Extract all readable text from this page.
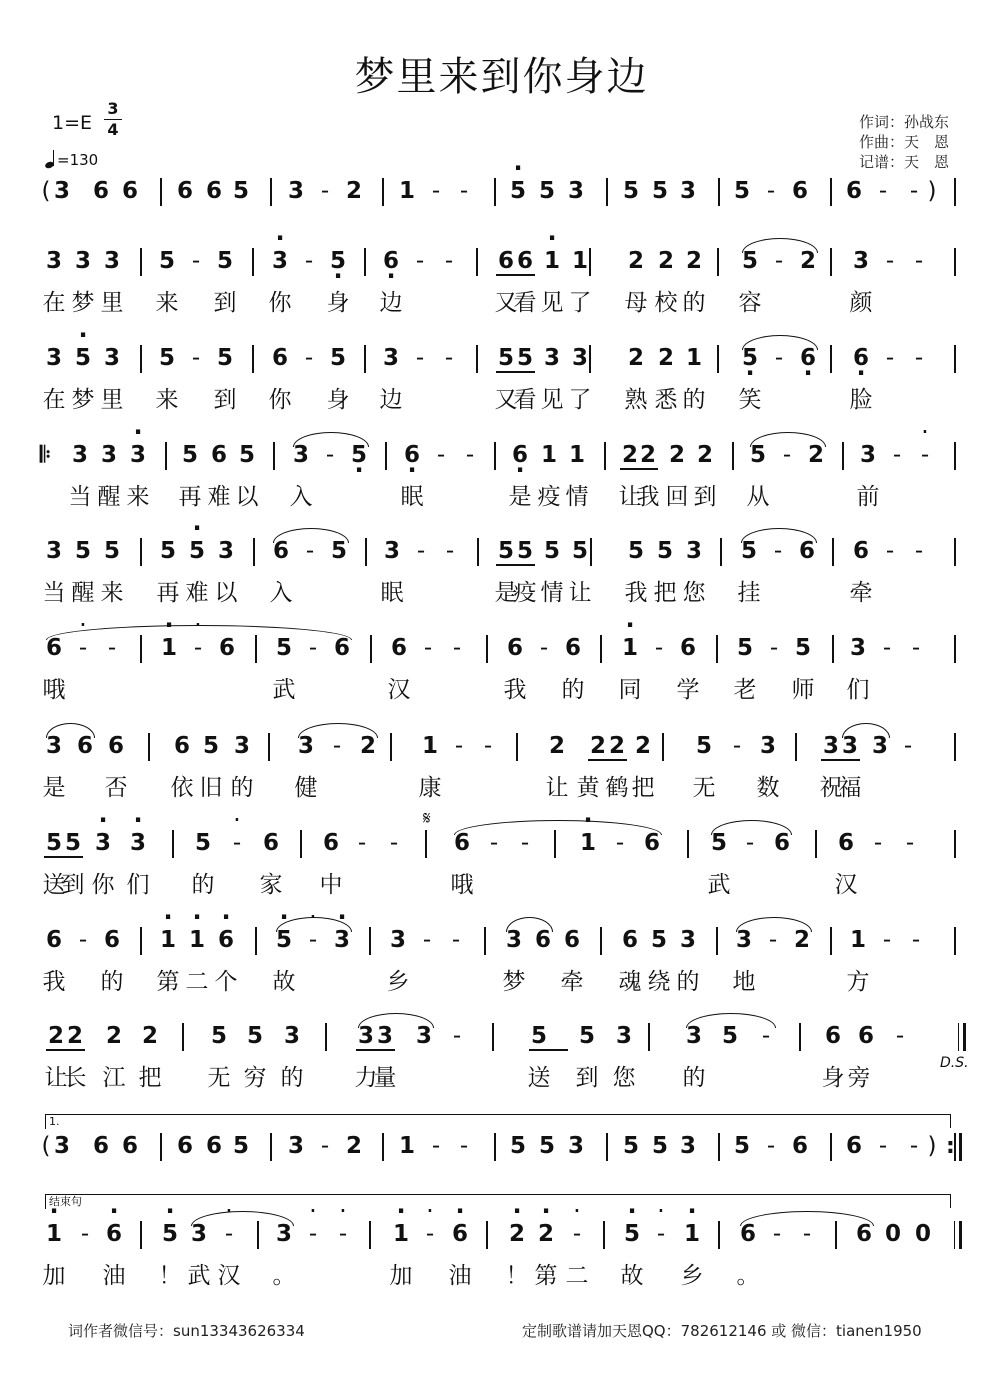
梦里来到你身边
1=E
3
4
=130
作词：孙战东
作曲：天　恩
记谱：天　恩
( 3 6 6 6 6 5 3 - 2 1 - - · 5 5 3 5 5 3 5 - 6 6 - - )
3 3 3 5 - 5 · 3 - 5 · 6 · - - 6 6 · 1 1 2 2 2 5 - 2 3 - -
在 梦 里 来 到 你 身 边	又
看 见 了 母 校 的 容	颜
3 · 5 3 5 - 5 6 - 5 3 - - 5 5 3 3 2 2 1 5 · - 6 · 6 · - -
在 梦 里 来 到 你 身 边	又
看 见 了 熟 悉 的 笑	脸
3 3 · 3 5 6 5 3 - 5 · 6 · - - 6 · 1 1 2 2 2 2 5 - 2 3 - · -
𝄆
当 醒 来 再 难 以 入	眠	是 疫 情 让
我 回 到 从	前
3 5 5 5 · 5 3 6 - 5 3 - - 5 5 5 5 5 5 3 5 - 6 6 - -
当 醒 来 再 难 以 入	眠	是
疫 情 让 我 把 您 挂	牵
6 · - - · 1 · - 6 5 - 6 6 - - 6 - 6 · 1 - 6 5 - 5 3 - -
哦	武	汉	我 的 同 学 老 师 们
3 6 6 6 5 3 3 - 2 1 - - 2 2 2 2 5 - 3 3 3 3 -
是 否 依 旧 的 健	康	让 黄 鹤 把 无 数 祝
福
5 5 · 3 · 3 5 · - 6 6 - - 6 - - · 1 - 6 5 - 6 6 - -
送
到 你 们 的 家 中	哦	武	汉
6 - 6 · 1 · 1 · 6 · 5 · - · 3 3 - - 3 6 6 6 5 3 3 - 2 1 - -
我 的 第 二 个 故	乡	梦 牵 魂 绕 的 地	方
2 2 2 2 5 5 3	3 3 3 -	5 5 3 3 5 - 6 6 -
让
长 江 把 无 穷 的 力
量	送 到 您 的	身 旁
( 3 6 6 6 6 5 3 - 2 1 - - 5 5 3 5 5 3 5 - 6 6 - - ) :
· 1 - · 6 · 5 3 · - 3 · - · - · 1 · - · 6 · 2 · 2 · - · 5 · - · 1 6 - - 6 0 0
加 油 ！ 武 汉 。	加 油 ！ 第 二 故 乡 。
1.
结束句
𝄋
D.S.
词作者微信号：sun13343626334	定制歌谱请加天恩QQ：782612146 或 微信：tianen1950
